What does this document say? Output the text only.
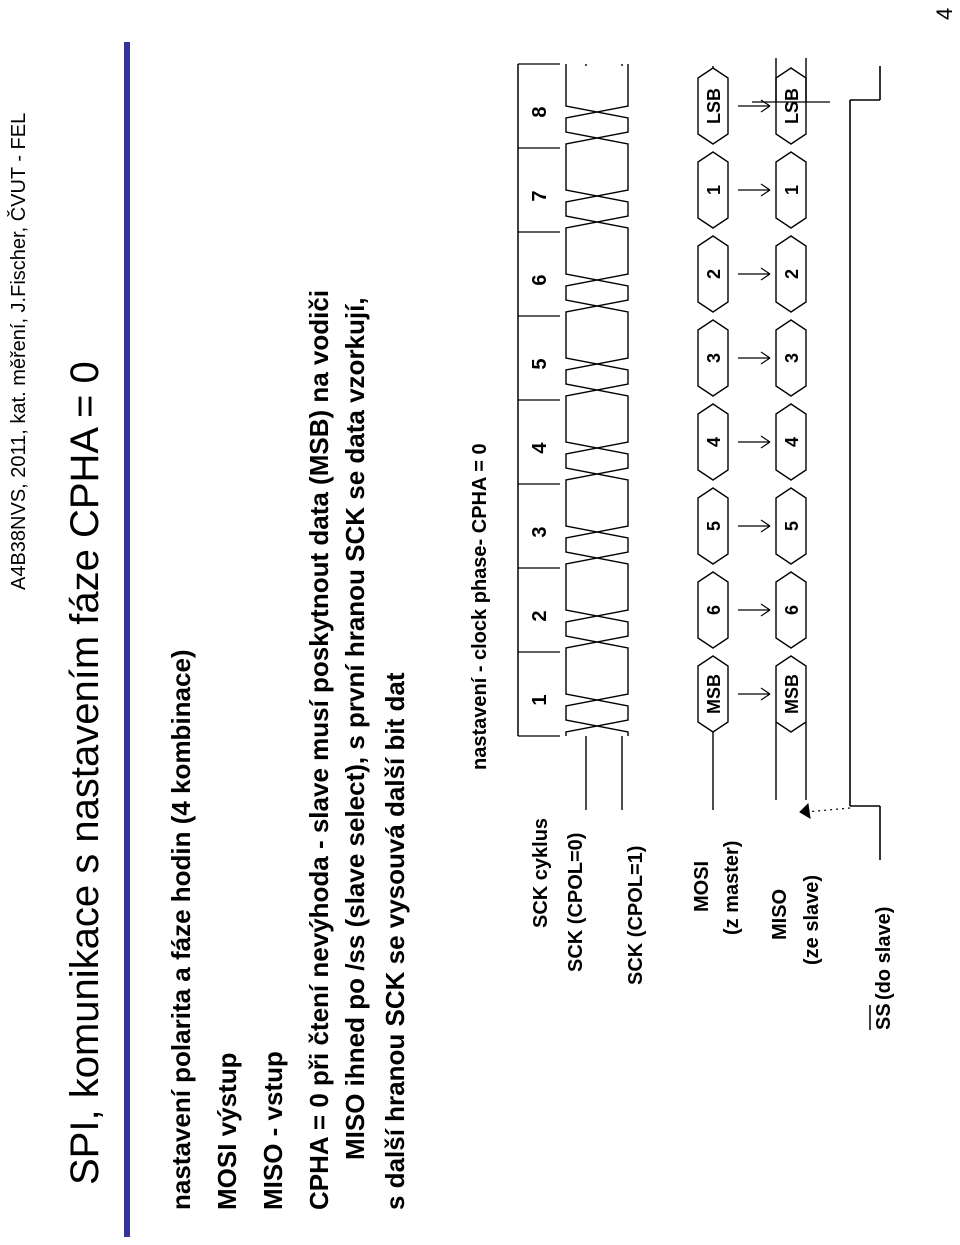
SPI, komunikace s nastavením fáze CPHA = 0
A4B38NVS, 2011, kat. měření, J.Fischer, ČVUT - FEL
4
nastavení polarita a fáze hodin (4 kombinace) MOSI výstup MISO - vstup CPHA = 0 při čtení nevýhoda - slave musí poskytnout data (MSB) na vodiči MISO ihned po /ss (slave select), s první hranou SCK se data vzorkují, s další hranou SCK se vysouvá další bit dat
nastavení - clock phase- CPHA = 0
SCK cyklus SCK (CPOL=0) SCK (CPOL=1) MOSI (z master) MISO (ze slave)
SS
(do slave)
1
2
3
4
5
6
7
8
MSB
6
5
4
3
2
1
LSB
MSB
6
5
4
3
2
1
LSB
